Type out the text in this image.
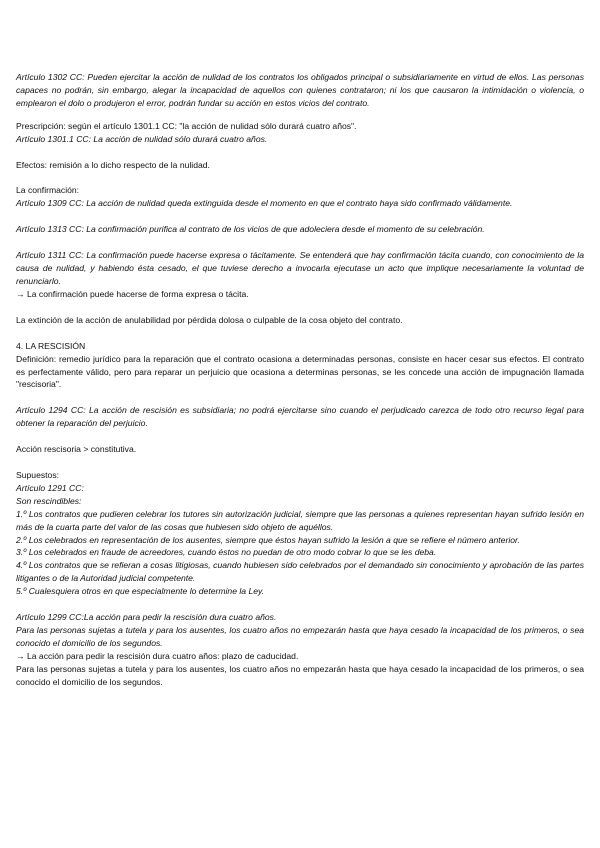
Artículo 1302 CC: Pueden ejercitar la acción de nulidad de los contratos los obligados principal o subsidiariamente en virtud de ellos. Las personas capaces no podrán, sin embargo, alegar la incapacidad de aquellos con quienes contrataron; ni los que causaron la intimidación o violencia, o emplearon el dolo o produjeron el error, podrán fundar su acción en estos vicios del contrato.

Prescripción: según el artículo 1301.1 CC: "la acción de nulidad sólo durará cuatro años".

Artículo 1301.1 CC: La acción de nulidad sólo durará cuatro años.

Efectos: remisión a lo dicho respecto de la nulidad.

La confirmación:

Artículo 1309 CC: La acción de nulidad queda extinguida desde el momento en que el contrato haya sido confirmado válidamente.

Artículo 1313 CC: La confirmación purifica al contrato de los vicios de que adoleciera desde el momento de su celebración.

Artículo 1311 CC: La confirmación puede hacerse expresa o tácitamente. Se entenderá que hay confirmación tácita cuando, con conocimiento de la causa de nulidad, y habiendo ésta cesado, el que tuviese derecho a invocarla ejecutase un acto que implique necesariamente la voluntad de renunciarlo.

→ La confirmación puede hacerse de forma expresa o tácita.

La extinción de la acción de anulabilidad por pérdida dolosa o culpable de la cosa objeto del contrato.

4. LA RESCISIÓN

Definición: remedio jurídico para la reparación que el contrato ocasiona a determinadas personas, consiste en hacer cesar sus efectos. El contrato es perfectamente válido, pero para reparar un perjuicio que ocasiona a determinas personas, se les concede una acción de impugnación llamada "rescisoria".

Artículo 1294 CC: La acción de rescisión es subsidiaria; no podrá ejercitarse sino cuando el perjudicado carezca de todo otro recurso legal para obtener la reparación del perjuicio.

Acción rescisoria > constitutiva.

Supuestos:

Artículo 1291 CC:

Son rescindibles:

1.º Los contratos que pudieren celebrar los tutores sin autorización judicial, siempre que las personas a quienes representan hayan sufrido lesión en más de la cuarta parte del valor de las cosas que hubiesen sido objeto de aquéllos.

2.º Los celebrados en representación de los ausentes, siempre que éstos hayan sufrido la lesión a que se refiere el número anterior.

3.º Los celebrados en fraude de acreedores, cuando éstos no puedan de otro modo cobrar lo que se les deba.

4.º Los contratos que se refieran a cosas litigiosas, cuando hubiesen sido celebrados por el demandado sin conocimiento y aprobación de las partes litigantes o de la Autoridad judicial competente.

5.º Cualesquiera otros en que especialmente lo determine la Ley.

Artículo 1299 CC:La acción para pedir la rescisión dura cuatro años.

Para las personas sujetas a tutela y para los ausentes, los cuatro años no empezarán hasta que haya cesado la incapacidad de los primeros, o sea conocido el domicilio de los segundos.

→ La acción para pedir la rescisión dura cuatro años: plazo de caducidad.

Para las personas sujetas a tutela y para los ausentes, los cuatro años no empezarán hasta que haya cesado la incapacidad de los primeros, o sea conocido el domicilio de los segundos.
